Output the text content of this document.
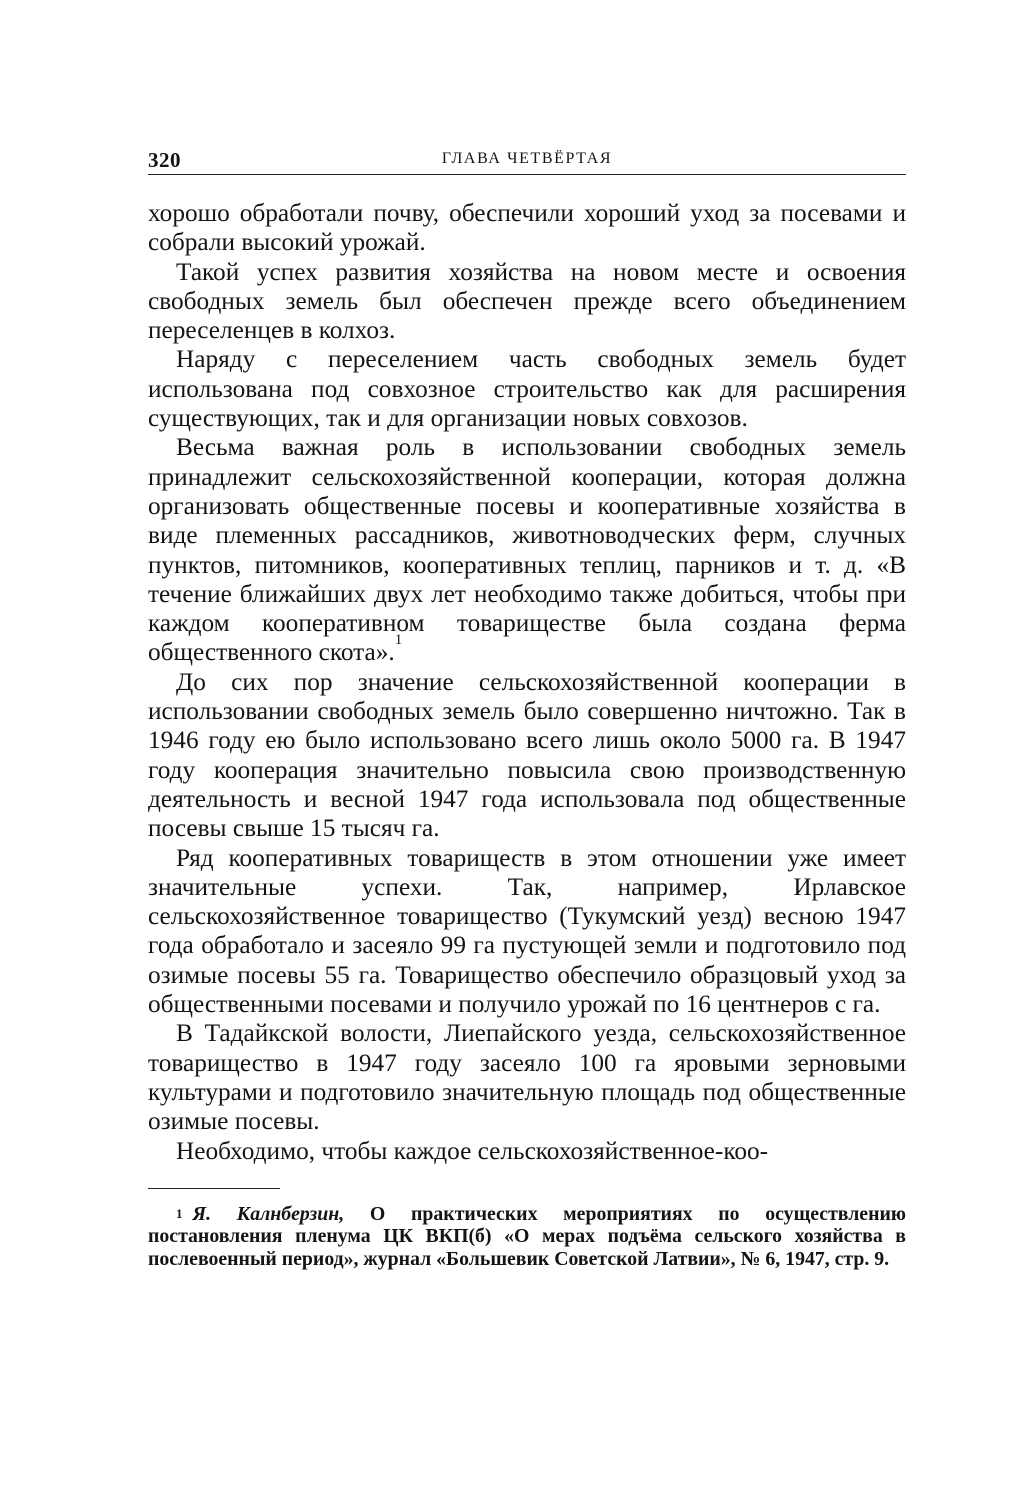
320	ГЛАВА ЧЕТВЁРТАЯ

хорошо обработали почву, обеспечили хороший уход за посевами и собрали высокий урожай.

Такой успех развития хозяйства на новом месте и освоения свободных земель был обеспечен прежде всего объединением переселенцев в колхоз.

Наряду с переселением часть свободных земель будет использована под совхозное строительство как для расширения существующих, так и для организации новых совхозов.

Весьма важная роль в использовании свободных земель принадлежит сельскохозяйственной кооперации, которая должна организовать общественные посевы и кооперативные хозяйства в виде племенных рассадников, животноводческих ферм, случных пунктов, питомников, кооперативных теплиц, парников и т. д. «В течение ближайших двух лет необходимо также добиться, чтобы при каждом кооперативном товариществе была создана ферма общественного скота».$^1$

До сих пор значение сельскохозяйственной кооперации в использовании свободных земель было совершенно ничтожно. Так в 1946 году ею было использовано всего лишь около 5000 га. В 1947 году кооперация значительно повысила свою производственную деятельность и весной 1947 года использовала под общественные посевы свыше 15 тысяч га.

Ряд кооперативных товариществ в этом отношении уже имеет значительные успехи. Так, например, Ирлавское сельскохозяйственное товарищество (Тукумский уезд) весною 1947 года обработало и засеяло 99 га пустующей земли и подготовило под озимые посевы 55 га. Товарищество обеспечило образцовый уход за общественными посевами и получило урожай по 16 центнеров с га.

В Тадайкской волости, Лиепайского уезда, сельскохозяйственное товарищество в 1947 году засеяло 100 га яровыми зерновыми культурами и подготовило значительную площадь под общественные озимые посевы.

Необходимо, чтобы каждое сельскохозяйственное-коо-

$^1$ Я. Калнберзин, О практических мероприятиях по осуществлению постановления пленума ЦК ВКП(б) «О мерах подъёма сельского хозяйства в послевоенный период», журнал «Большевик Советской Латвии», № 6, 1947, стр. 9.
